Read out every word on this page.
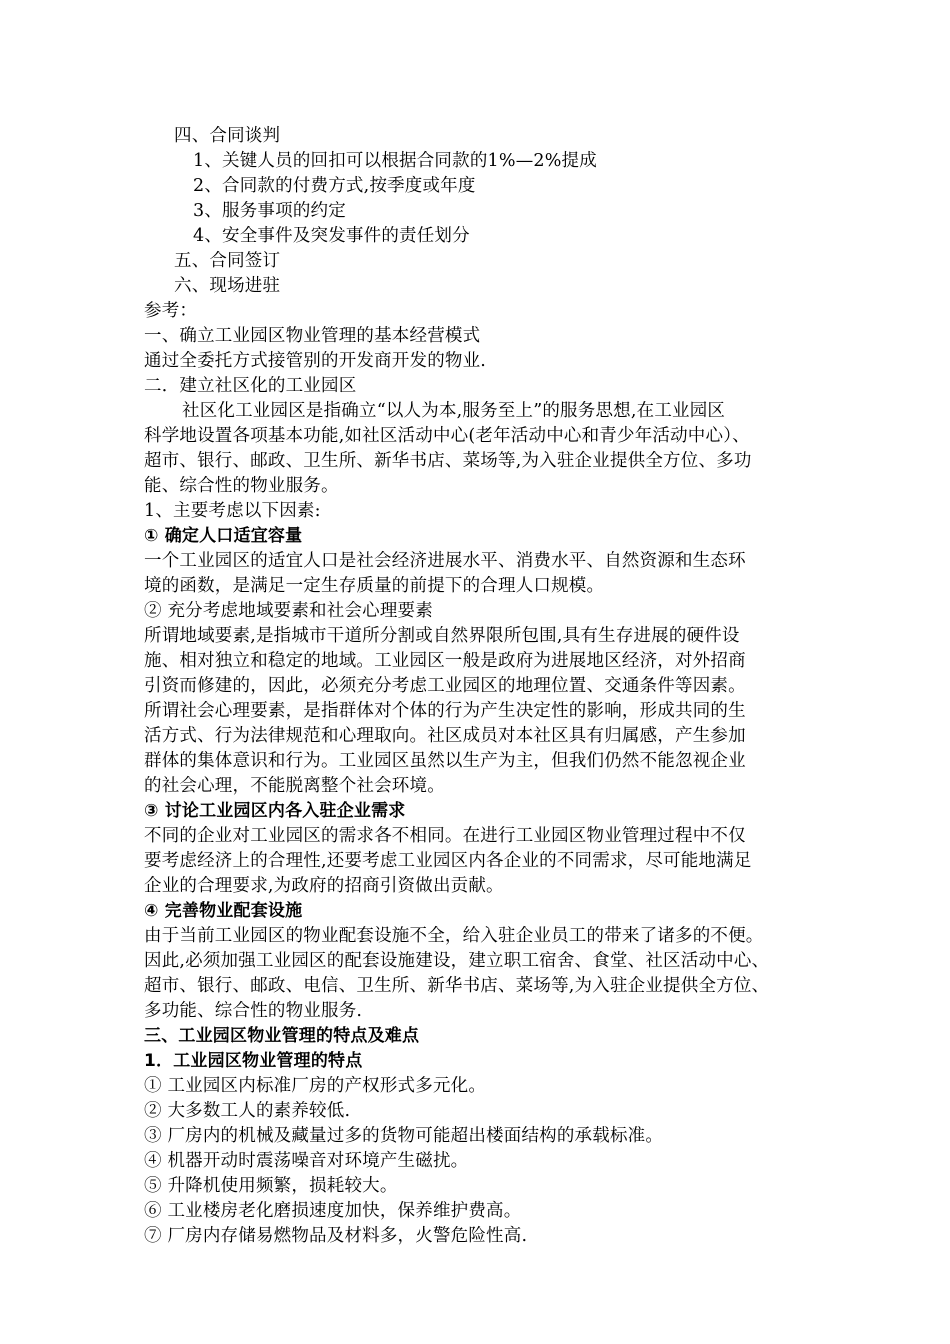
四、合同谈判
1、关键人员的回扣可以根据合同款的1%—2%提成
2、合同款的付费方式,按季度或年度
3、服务事项的约定
4、安全事件及突发事件的责任划分
五、合同签订
六、现场进驻
参考：
一、确立工业园区物业管理的基本经营模式
通过全委托方式接管别的开发商开发的物业.
二．建立社区化的工业园区
社区化工业园区是指确立“以人为本,服务至上”的服务思想,在工业园区
科学地设置各项基本功能,如社区活动中心(老年活动中心和青少年活动中心）、
超市、银行、邮政、卫生所、新华书店、菜场等,为入驻企业提供全方位、多功
能、综合性的物业服务。
1、主要考虑以下因素:
① 确定人口适宜容量
一个工业园区的适宜人口是社会经济进展水平、消费水平、自然资源和生态环
境的函数，是满足一定生存质量的前提下的合理人口规模。
② 充分考虑地域要素和社会心理要素
所谓地域要素,是指城市干道所分割或自然界限所包围,具有生存进展的硬件设
施、相对独立和稳定的地域。工业园区一般是政府为进展地区经济，对外招商
引资而修建的，因此，必须充分考虑工业园区的地理位置、交通条件等因素。
所谓社会心理要素，是指群体对个体的行为产生决定性的影响，形成共同的生
活方式、行为法律规范和心理取向。社区成员对本社区具有归属感，产生参加
群体的集体意识和行为。工业园区虽然以生产为主，但我们仍然不能忽视企业
的社会心理，不能脱离整个社会环境。
③ 讨论工业园区内各入驻企业需求
不同的企业对工业园区的需求各不相同。在进行工业园区物业管理过程中不仅
要考虑经济上的合理性,还要考虑工业园区内各企业的不同需求，尽可能地满足
企业的合理要求,为政府的招商引资做出贡献。
④ 完善物业配套设施
由于当前工业园区的物业配套设施不全，给入驻企业员工的带来了诸多的不便。
因此,必须加强工业园区的配套设施建设，建立职工宿舍、食堂、社区活动中心、
超市、银行、邮政、电信、卫生所、新华书店、菜场等,为入驻企业提供全方位、
多功能、综合性的物业服务.
三、工业园区物业管理的特点及难点
1．工业园区物业管理的特点
① 工业园区内标准厂房的产权形式多元化。
② 大多数工人的素养较低.
③ 厂房内的机械及藏量过多的货物可能超出楼面结构的承载标准。
④ 机器开动时震荡噪音对环境产生磁扰。
⑤ 升降机使用频繁，损耗较大。
⑥ 工业楼房老化磨损速度加快，保养维护费高。
⑦ 厂房内存储易燃物品及材料多，火警危险性高.
